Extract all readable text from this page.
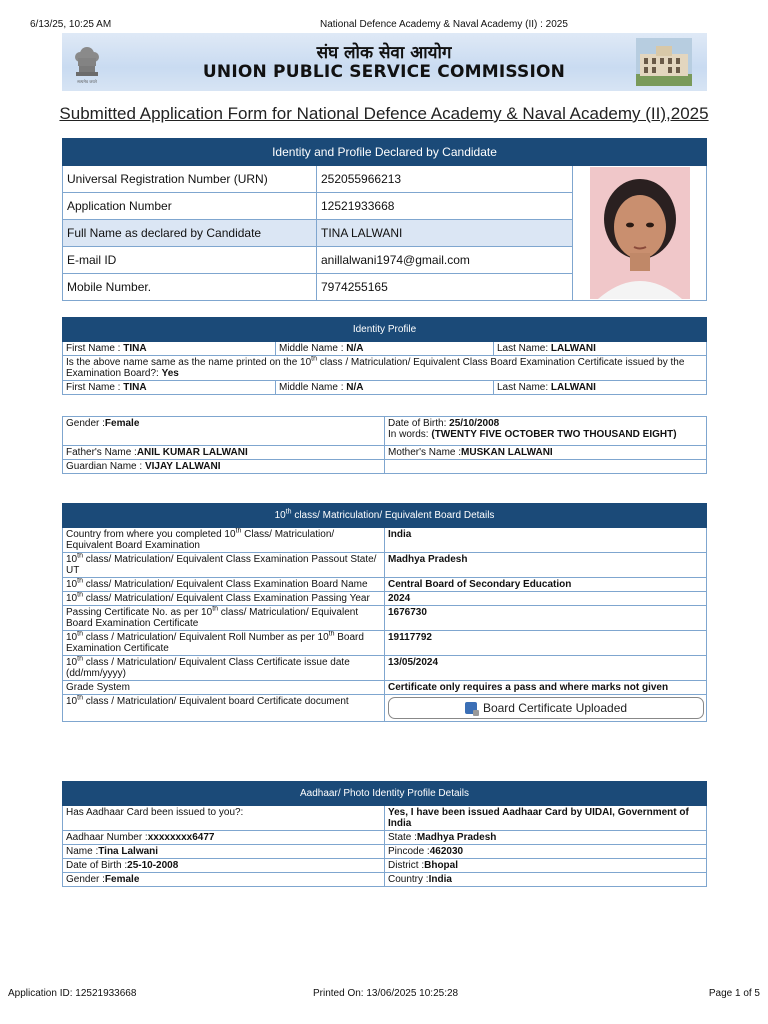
6/13/25, 10:25 AM	National Defence Academy & Naval Academy (II) : 2025
सत्यमेव जयते
संघ लोक सेवा आयोग
UNION PUBLIC SERVICE COMMISSION
Submitted Application Form for National Defence Academy & Naval Academy (II),2025
Identity and Profile Declared by Candidate		
Universal Registration Number (URN)	252055966213	

Application Number	12521933668	
Full Name as declared by Candidate	TINA LALWANI	
E-mail ID	anillalwani1974@gmail.com	
Mobile Number.	7974255165	
Identity Profile		
First Name : TINA	Middle Name : N/A	Last Name: LALWANI
Is the above name same as the name printed on the 10th class / Matriculation/ Equivalent Class Board Examination Certificate issued by the Examination Board?: Yes		
First Name : TINA	Middle Name : N/A	Last Name: LALWANI
Gender :Female	Date of Birth: 25/10/2008
In words: (TWENTY FIVE OCTOBER TWO THOUSAND EIGHT)
Father's Name :ANIL KUMAR LALWANI	Mother's Name :MUSKAN LALWANI
Guardian Name : VIJAY LALWANI	
10th class/ Matriculation/ Equivalent Board Details	
Country from where you completed 10th Class/ Matriculation/ Equivalent Board Examination	India
10th class/ Matriculation/ Equivalent Class Examination Passout State/ UT	Madhya Pradesh
10th class/ Matriculation/ Equivalent Class Examination Board Name	Central Board of Secondary Education
10th class/ Matriculation/ Equivalent Class Examination Passing Year	2024
Passing Certificate No. as per 10th class/ Matriculation/ Equivalent Board Examination Certificate	1676730
10th class / Matriculation/ Equivalent Roll Number as per 10th Board Examination Certificate	19117792
10th class / Matriculation/ Equivalent Class Certificate issue date (dd/mm/yyyy)	13/05/2024
Grade System	Certificate only requires a pass and where marks not given
10th class / Matriculation/ Equivalent board Certificate document	Board Certificate Uploaded
Aadhaar/ Photo Identity Profile Details	
Has Aadhaar Card been issued to you?:	Yes, I have been issued Aadhaar Card by UIDAI, Government of India
Aadhaar Number :xxxxxxxx6477	State :Madhya Pradesh
Name :Tina Lalwani	Pincode :462030
Date of Birth :25-10-2008	District :Bhopal
Gender :Female	Country :India
Application ID: 12521933668	Printed On: 13/06/2025 10:25:28	Page 1 of 5
